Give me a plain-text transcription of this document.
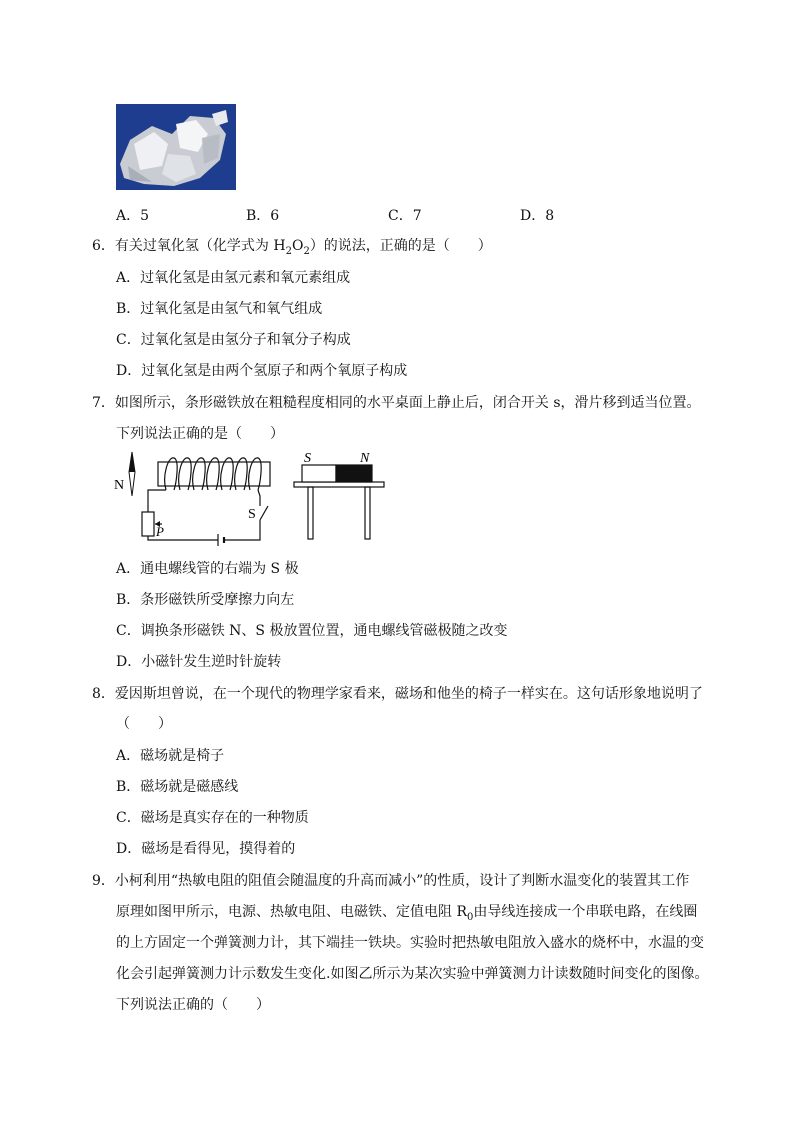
A．5	B．6	C．7	D．8
6．有关过氧化氢（化学式为 $H_2O_2$）的说法，正确的是（　　）
A．过氧化氢是由氢元素和氧元素组成
B．过氧化氢是由氢气和氧气组成
C．过氧化氢是由氢分子和氧分子构成
D．过氧化氢是由两个氢原子和两个氧原子构成
7．如图所示，条形磁铁放在粗糙程度相同的水平桌面上静止后，闭合开关 s，滑片移到适当位置。
下列说法正确的是（　　）
N
P
S
S	N
A．通电螺线管的右端为 S 极
B．条形磁铁所受摩擦力向左
C．调换条形磁铁 N、S 极放置位置，通电螺线管磁极随之改变
D．小磁针发生逆时针旋转
8．爱因斯坦曾说，在一个现代的物理学家看来，磁场和他坐的椅子一样实在。这句话形象地说明了
（　　）
A．磁场就是椅子
B．磁场就是磁感线
C．磁场是真实存在的一种物质
D．磁场是看得见，摸得着的
9．小柯利用“热敏电阻的阻值会随温度的升高而减小”的性质，设计了判断水温变化的装置其工作
原理如图甲所示，电源、热敏电阻、电磁铁、定值电阻 $R_0$由导线连接成一个串联电路，在线圈
的上方固定一个弹簧测力计，其下端挂一铁块。实验时把热敏电阻放入盛水的烧杯中，水温的变
化会引起弹簧测力计示数发生变化.如图乙所示为某次实验中弹簧测力计读数随时间变化的图像。
下列说法正确的（　　）
